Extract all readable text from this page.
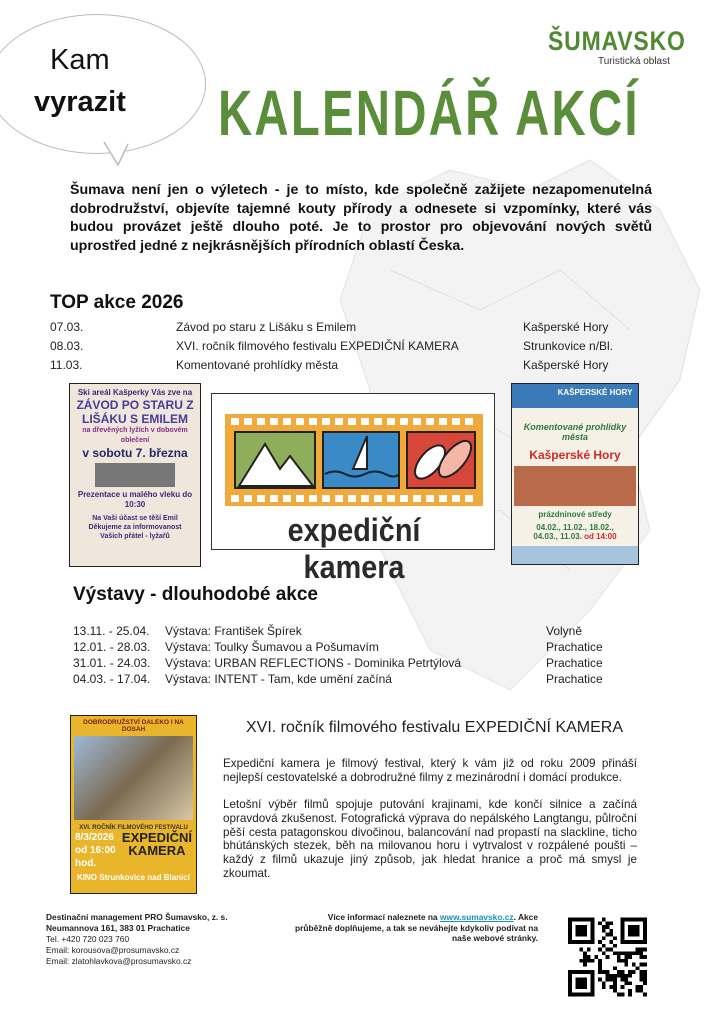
Kam
vyrazit
ŠUMAVSKO
Turistická oblast
KALENDÁŘ AKCÍ
Šumava není jen o výletech - je to místo, kde společně zažijete nezapomenutelná dobrodružství, objevíte tajemné kouty přírody a odnesete si vzpomínky, které vás budou provázet ještě dlouho poté. Je to prostor pro objevování nových světů uprostřed jedné z nejkrásnějších přírodních oblastí Česka.
TOP akce 2026
07.03.	Závod po staru z Lišáku s Emilem	Kašperské Hory
08.03.	XVI. ročník filmového festivalu EXPEDIČNÍ KAMERA	Strunkovice n/Bl.
11.03.	Komentované prohlídky města	Kašperské Hory
Ski areál Kašperky Vás zve na
ZÁVOD PO STARU Z LIŠÁKU S EMILEM
na dřevěných lyžích v dobovém oblečení
v sobotu 7. března
Prezentace u malého vleku do 10:30
Na Vaši účast se těší Emil
Děkujeme za informovanost
Vašich přátel - lyžařů	expediční kamera
KAŠPERSKÉ HORY
Komentované prohlídky města
Kašperské Hory
prázdninové středy
04.02., 11.02., 18.02.,
04.03., 11.03. od 14:00
Výstavy - dlouhodobé akce
13.11. - 25.04. Výstava: František Špírek	Volyně
12.01. - 28.03. Výstava: Toulky Šumavou a Pošumavím	Prachatice
31.01. - 24.03. Výstava: URBAN REFLECTIONS - Dominika Petrtýlová	Prachatice
04.03. - 17.04. Výstava: INTENT - Tam, kde umění začíná	Prachatice
DOBRODRUŽSTVÍ DALEKO I NA DOSAH
XVI. ROČNÍK FILMOVÉHO FESTIVALU
8/3/2026
od 16:00 hod.
EXPEDIČNÍ
KAMERA
KINO Strunkovice nad Blanicí
XVI. ročník filmového festivalu EXPEDIČNÍ KAMERA

Expediční kamera je filmový festival, který k vám již od roku 2009 přináší nejlepší cestovatelské a dobrodružné filmy z mezinárodní i domácí produkce.

Letošní výběr filmů spojuje putování krajinami, kde končí silnice a začíná opravdová zkušenost. Fotografická výprava do nepálského Langtangu, půlroční pěší cesta patagonskou divočinou, balancování nad propastí na slackline, ticho bhútánských stezek, běh na milovanou horu i vytrvalost v rozpálené poušti – každý z filmů ukazuje jiný způsob, jak hledat hranice a proč má smysl je zkoumat.

Destinační management PRO Šumavsko, z. s.
Neumannova 161, 383 01 Prachatice
Tel. +420 720 023 760
Email: korousova@prosumavsko.cz
Email: zlatohlavkova@prosumavsko.cz
Více informací naleznete na www.sumavsko.cz. Akce průběžně doplňujeme, a tak se neváhejte kdykoliv podívat na naše webové stránky.
